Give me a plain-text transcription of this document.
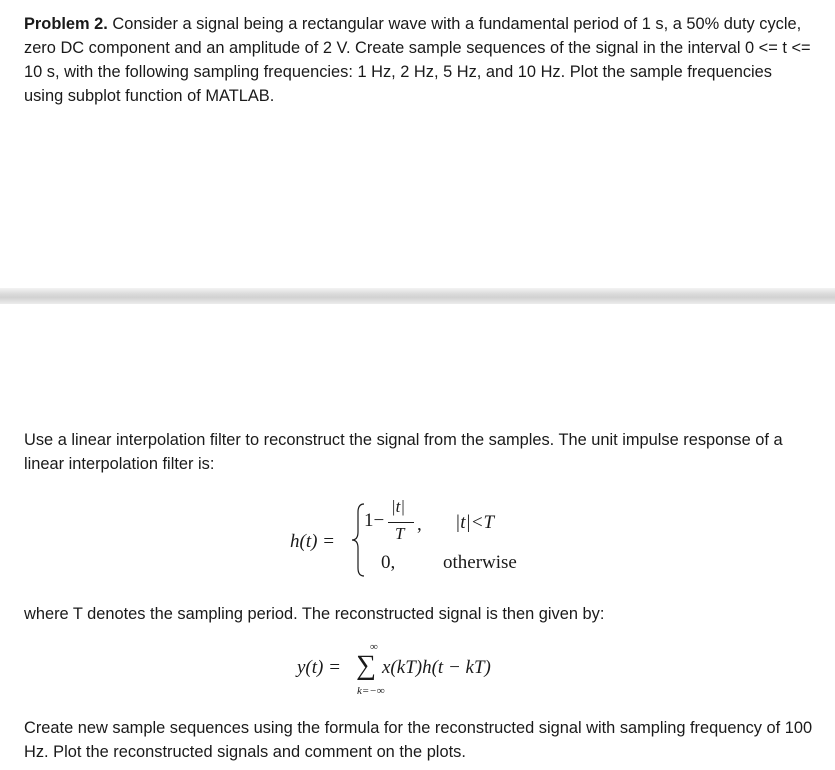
Problem 2. Consider a signal being a rectangular wave with a fundamental period of 1 s, a 50% duty cycle, zero DC component and an amplitude of 2 V. Create sample sequences of the signal in the interval 0 <= t <= 10 s, with the following sampling frequencies: 1 Hz, 2 Hz, 5 Hz, and 10 Hz. Plot the sample frequencies using subplot function of MATLAB.
Use a linear interpolation filter to reconstruct the signal from the samples. The unit impulse response of a linear interpolation filter is:
h(t) =
1−
|t|
T , |t|<T
0,	otherwise
where T denotes the sampling period. The reconstructed signal is then given by:
y(t) =
∞
∑
k=−∞
x(kT)h(t − kT)
Create new sample sequences using the formula for the reconstructed signal with sampling frequency of 100 Hz. Plot the reconstructed signals and comment on the plots.
